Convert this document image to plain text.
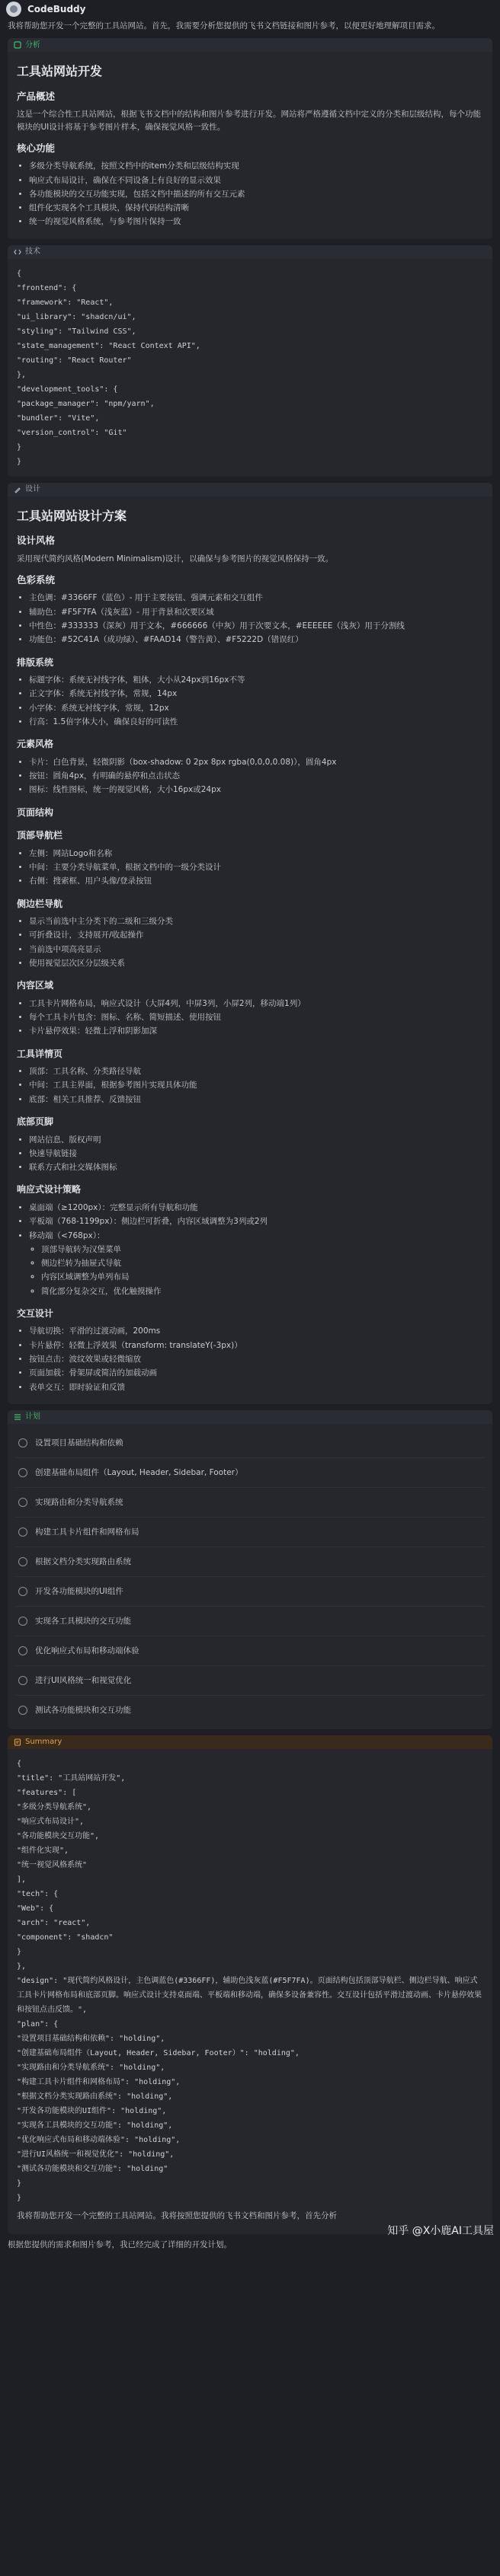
CodeBuddy
我将帮助您开发一个完整的工具站网站。首先，我需要分析您提供的飞书文档链接和图片参考，以便更好地理解项目需求。
分析
工具站网站开发
产品概述

这是一个综合性工具站网站，根据飞书文档中的结构和图片参考进行开发。网站将严格遵循文档中定义的分类和层级结构，每个功能模块的UI设计将基于参考图片样本，确保视觉风格一致性。

核心功能
• 多级分类导航系统，按照文档中的item分类和层级结构实现
• 响应式布局设计，确保在不同设备上有良好的显示效果
• 各功能模块的交互功能实现，包括文档中描述的所有交互元素
• 组件化实现各个工具模块，保持代码结构清晰
• 统一的视觉风格系统，与参考图片保持一致
技术
{
"frontend": {
"framework": "React",
"ui_library": "shadcn/ui",
"styling": "Tailwind CSS",
"state_management": "React Context API",
"routing": "React Router"
},
"development_tools": {
"package_manager": "npm/yarn",
"bundler": "Vite",
"version_control": "Git"
}
}
设计
工具站网站设计方案
设计风格

采用现代简约风格(Modern Minimalism)设计，以确保与参考图片的视觉风格保持一致。

色彩系统
• 主色调：#3366FF（蓝色）- 用于主要按钮、强调元素和交互组件
• 辅助色：#F5F7FA（浅灰蓝）- 用于背景和次要区域
• 中性色：#333333（深灰）用于文本，#666666（中灰）用于次要文本，#EEEEEE（浅灰）用于分割线
• 功能色：#52C41A（成功绿）、#FAAD14（警告黄）、#F5222D（错误红）
排版系统
• 标题字体：系统无衬线字体，粗体，大小从24px到16px不等
• 正文字体：系统无衬线字体，常规，14px
• 小字体：系统无衬线字体，常规，12px
• 行高：1.5倍字体大小，确保良好的可读性
元素风格
• 卡片：白色背景，轻微阴影（box-shadow: 0 2px 8px rgba(0,0,0,0.08)），圆角4px
• 按钮：圆角4px，有明确的悬停和点击状态
• 图标：线性图标，统一的视觉风格，大小16px或24px
页面结构
顶部导航栏
• 左侧：网站Logo和名称
• 中间：主要分类导航菜单，根据文档中的一级分类设计
• 右侧：搜索框、用户头像/登录按钮
侧边栏导航
• 显示当前选中主分类下的二级和三级分类
• 可折叠设计，支持展开/收起操作
• 当前选中项高亮显示
• 使用视觉层次区分层级关系
内容区域
• 工具卡片网格布局，响应式设计（大屏4列，中屏3列，小屏2列，移动端1列）
• 每个工具卡片包含：图标、名称、简短描述、使用按钮
• 卡片悬停效果：轻微上浮和阴影加深
工具详情页
• 顶部：工具名称、分类路径导航
• 中间：工具主界面，根据参考图片实现具体功能
• 底部：相关工具推荐、反馈按钮
底部页脚
• 网站信息、版权声明
• 快速导航链接
• 联系方式和社交媒体图标
响应式设计策略
• 桌面端（≥1200px）：完整显示所有导航和功能
• 平板端（768-1199px）：侧边栏可折叠，内容区域调整为3列或2列
• 移动端（<768px）：
◦ 顶部导航转为汉堡菜单
◦ 侧边栏转为抽屉式导航
◦ 内容区域调整为单列布局
◦ 简化部分复杂交互，优化触摸操作
交互设计
• 导航切换：平滑的过渡动画，200ms
• 卡片悬停：轻微上浮效果（transform: translateY(-3px)）
• 按钮点击：波纹效果或轻微缩放
• 页面加载：骨架屏或简洁的加载动画
• 表单交互：即时验证和反馈
计划
设置项目基础结构和依赖
创建基础布局组件（Layout, Header, Sidebar, Footer）
实现路由和分类导航系统
构建工具卡片组件和网格布局
根据文档分类实现路由系统
开发各功能模块的UI组件
实现各工具模块的交互功能
优化响应式布局和移动端体验
进行UI风格统一和视觉优化
测试各功能模块和交互功能
Summary
{
"title": "工具站网站开发",
"features": [
"多级分类导航系统",
"响应式布局设计",
"各功能模块交互功能",
"组件化实现",
"统一视觉风格系统"
],
"tech": {
"Web": {
"arch": "react",
"component": "shadcn"
}
},
"design": "现代简约风格设计，主色调蓝色(#3366FF)，辅助色浅灰蓝(#F5F7FA)。页面结构包括顶部导航栏、侧边栏导航、响应式工具卡片网格布局和底部页脚。响应式设计支持桌面端、平板端和移动端，确保多设备兼容性。交互设计包括平滑过渡动画、卡片悬停效果和按钮点击反馈。",
"plan": {
"设置项目基础结构和依赖": "holding",
"创建基础布局组件（Layout, Header, Sidebar, Footer）": "holding",
"实现路由和分类导航系统": "holding",
"构建工具卡片组件和网格布局": "holding",
"根据文档分类实现路由系统": "holding",
"开发各功能模块的UI组件": "holding",
"实现各工具模块的交互功能": "holding",
"优化响应式布局和移动端体验": "holding",
"进行UI风格统一和视觉优化": "holding",
"测试各功能模块和交互功能": "holding"
}
}

我将帮助您开发一个完整的工具站网站。我将按照您提供的飞书文档和图片参考，首先分析

知乎 @X小鹿AI工具屋
根据您提供的需求和图片参考，我已经完成了详细的开发计划。
